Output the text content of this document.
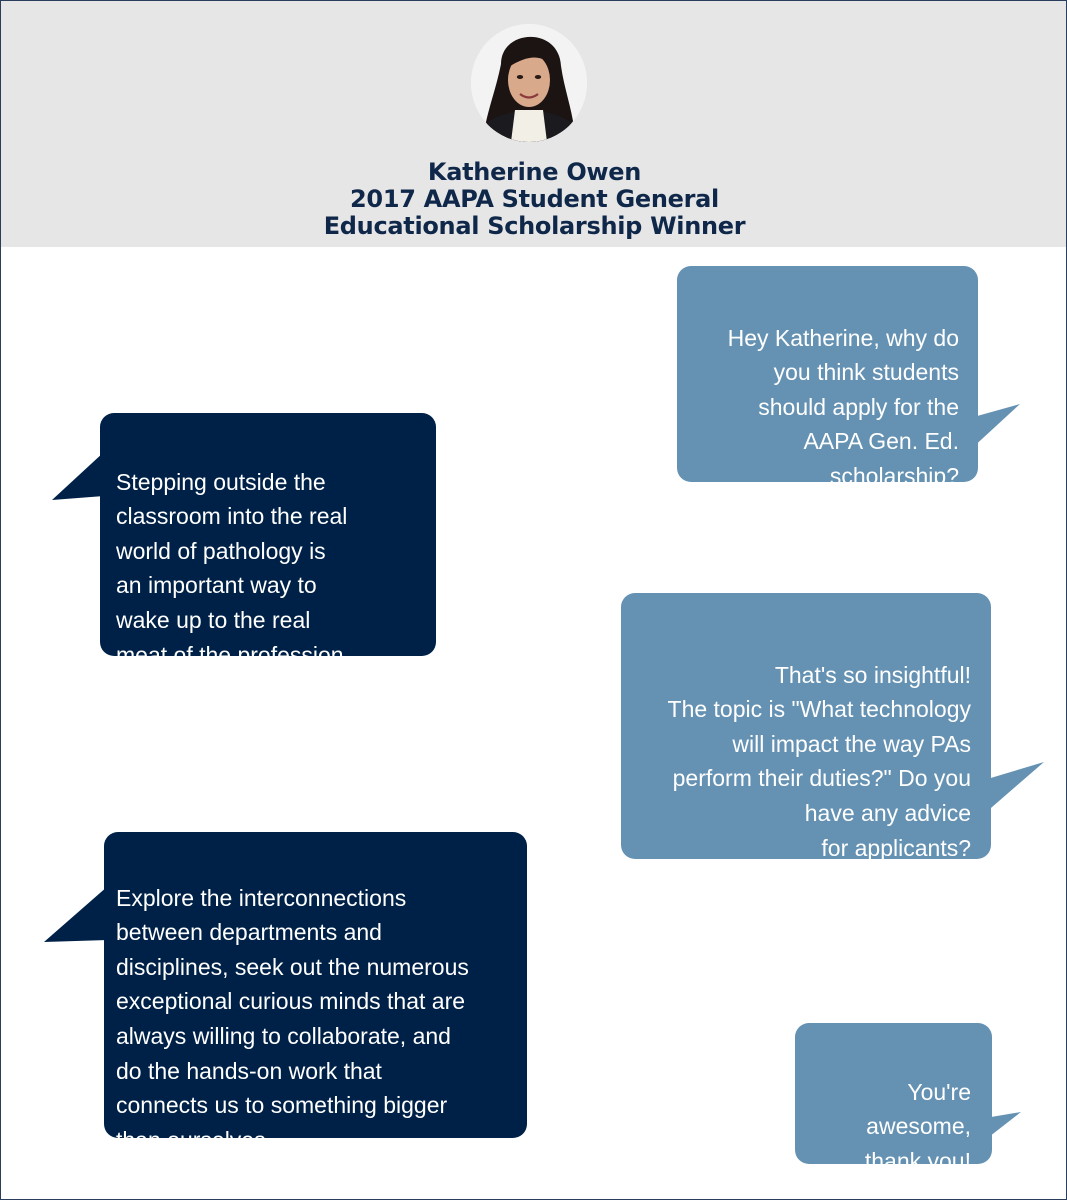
Katherine Owen
2017 AAPA Student General
Educational Scholarship Winner

Hey Katherine, why do
you think students
should apply for the
AAPA Gen. Ed.
scholarship?

Stepping outside the
classroom into the real
world of pathology is
an important way to
wake up to the real
meat of the profession.

That's so insightful!
The topic is "What technology
will impact the way PAs
perform their duties?" Do you
have any advice
for applicants?

Explore the interconnections
between departments and
disciplines, seek out the numerous
exceptional curious minds that are
always willing to collaborate, and
do the hands-on work that
connects us to something bigger
than ourselves.

You're
awesome,
thank you!
